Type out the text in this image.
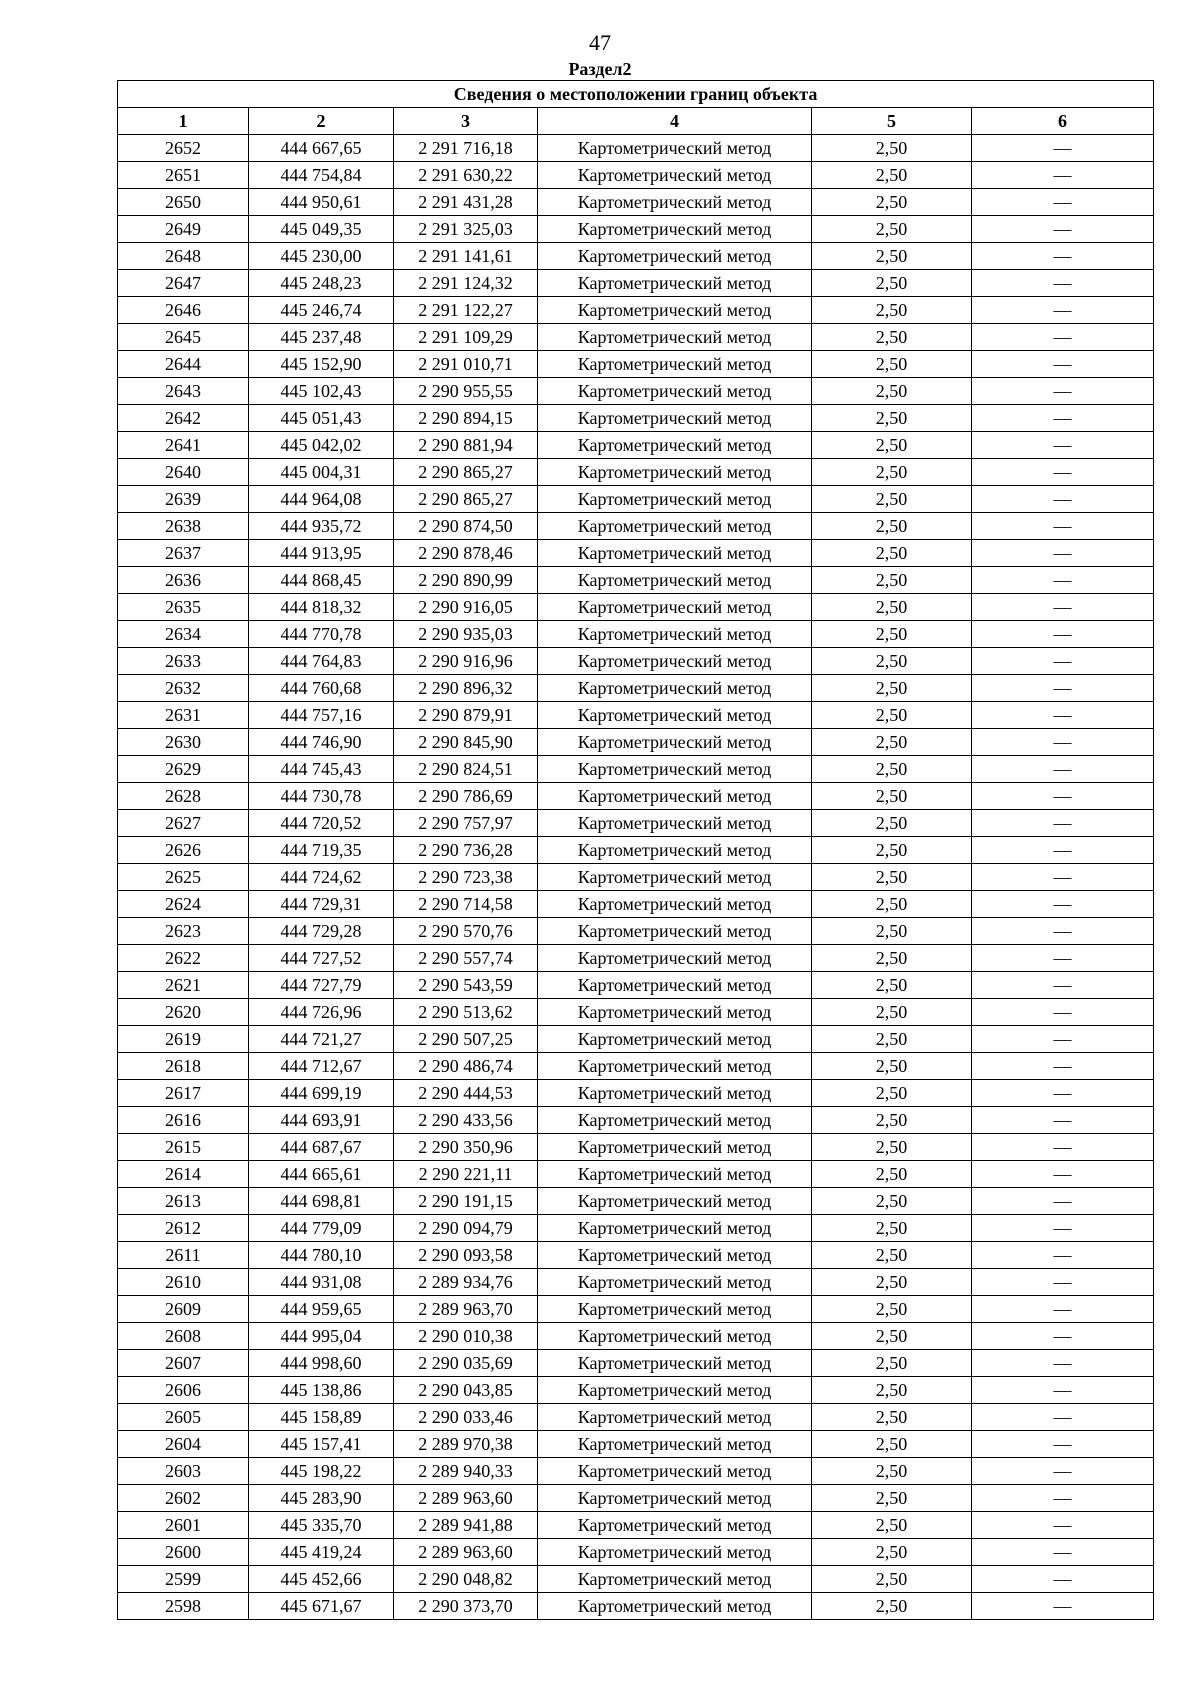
47
Раздел2
Сведения о местоположении границ объекта					
1	2	3	4	5	6
2652	444 667,65	2 291 716,18	Картометрический метод	2,50	—
2651	444 754,84	2 291 630,22	Картометрический метод	2,50	—
2650	444 950,61	2 291 431,28	Картометрический метод	2,50	—
2649	445 049,35	2 291 325,03	Картометрический метод	2,50	—
2648	445 230,00	2 291 141,61	Картометрический метод	2,50	—
2647	445 248,23	2 291 124,32	Картометрический метод	2,50	—
2646	445 246,74	2 291 122,27	Картометрический метод	2,50	—
2645	445 237,48	2 291 109,29	Картометрический метод	2,50	—
2644	445 152,90	2 291 010,71	Картометрический метод	2,50	—
2643	445 102,43	2 290 955,55	Картометрический метод	2,50	—
2642	445 051,43	2 290 894,15	Картометрический метод	2,50	—
2641	445 042,02	2 290 881,94	Картометрический метод	2,50	—
2640	445 004,31	2 290 865,27	Картометрический метод	2,50	—
2639	444 964,08	2 290 865,27	Картометрический метод	2,50	—
2638	444 935,72	2 290 874,50	Картометрический метод	2,50	—
2637	444 913,95	2 290 878,46	Картометрический метод	2,50	—
2636	444 868,45	2 290 890,99	Картометрический метод	2,50	—
2635	444 818,32	2 290 916,05	Картометрический метод	2,50	—
2634	444 770,78	2 290 935,03	Картометрический метод	2,50	—
2633	444 764,83	2 290 916,96	Картометрический метод	2,50	—
2632	444 760,68	2 290 896,32	Картометрический метод	2,50	—
2631	444 757,16	2 290 879,91	Картометрический метод	2,50	—
2630	444 746,90	2 290 845,90	Картометрический метод	2,50	—
2629	444 745,43	2 290 824,51	Картометрический метод	2,50	—
2628	444 730,78	2 290 786,69	Картометрический метод	2,50	—
2627	444 720,52	2 290 757,97	Картометрический метод	2,50	—
2626	444 719,35	2 290 736,28	Картометрический метод	2,50	—
2625	444 724,62	2 290 723,38	Картометрический метод	2,50	—
2624	444 729,31	2 290 714,58	Картометрический метод	2,50	—
2623	444 729,28	2 290 570,76	Картометрический метод	2,50	—
2622	444 727,52	2 290 557,74	Картометрический метод	2,50	—
2621	444 727,79	2 290 543,59	Картометрический метод	2,50	—
2620	444 726,96	2 290 513,62	Картометрический метод	2,50	—
2619	444 721,27	2 290 507,25	Картометрический метод	2,50	—
2618	444 712,67	2 290 486,74	Картометрический метод	2,50	—
2617	444 699,19	2 290 444,53	Картометрический метод	2,50	—
2616	444 693,91	2 290 433,56	Картометрический метод	2,50	—
2615	444 687,67	2 290 350,96	Картометрический метод	2,50	—
2614	444 665,61	2 290 221,11	Картометрический метод	2,50	—
2613	444 698,81	2 290 191,15	Картометрический метод	2,50	—
2612	444 779,09	2 290 094,79	Картометрический метод	2,50	—
2611	444 780,10	2 290 093,58	Картометрический метод	2,50	—
2610	444 931,08	2 289 934,76	Картометрический метод	2,50	—
2609	444 959,65	2 289 963,70	Картометрический метод	2,50	—
2608	444 995,04	2 290 010,38	Картометрический метод	2,50	—
2607	444 998,60	2 290 035,69	Картометрический метод	2,50	—
2606	445 138,86	2 290 043,85	Картометрический метод	2,50	—
2605	445 158,89	2 290 033,46	Картометрический метод	2,50	—
2604	445 157,41	2 289 970,38	Картометрический метод	2,50	—
2603	445 198,22	2 289 940,33	Картометрический метод	2,50	—
2602	445 283,90	2 289 963,60	Картометрический метод	2,50	—
2601	445 335,70	2 289 941,88	Картометрический метод	2,50	—
2600	445 419,24	2 289 963,60	Картометрический метод	2,50	—
2599	445 452,66	2 290 048,82	Картометрический метод	2,50	—
2598	445 671,67	2 290 373,70	Картометрический метод	2,50	—
